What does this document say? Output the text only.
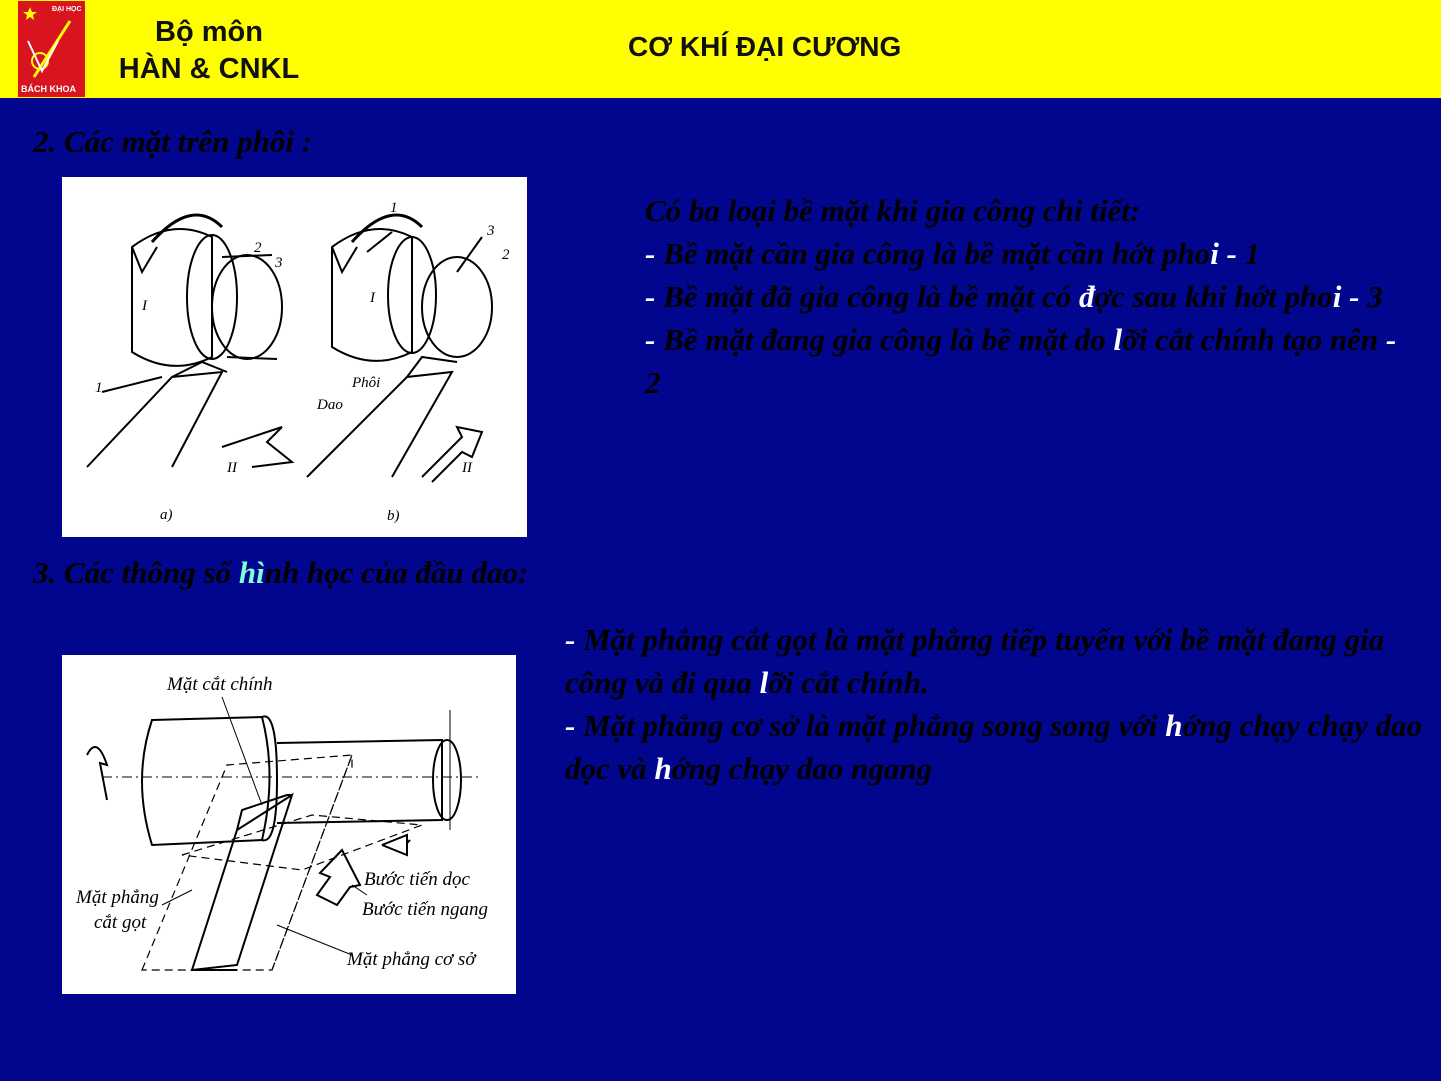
ĐẠI HỌC
BÁCH KHOA
Bộ môn
HÀN & CNKL
CƠ KHÍ ĐẠI CƯƠNG
2. Các mặt trên phôi :
2
3
I
1
II
a)
1
3
2
I
Phôi
Dao
II
b)
Có ba loại bề mặt khi gia công chi tiết:
- Bề mặt cần gia công là bề mặt cần hớt phoi - 1
- Bề mặt đã gia công là bề mặt có đợc sau khi hớt phoi - 3
- Bề mặt đang gia công là bề mặt do lỡi cắt chính tạo nên - 2
3. Các thông số hình học của đầu dao:
Mặt cắt chính
Mặt phẳng
cắt gọt
Bước tiến dọc
Bước tiến ngang
Mặt phẳng cơ sở
- Mặt phẳng cắt gọt là mặt phẳng tiếp tuyến với bề mặt đang gia công và đi qua lỡi cắt chính.
- Mặt phẳng cơ sở là mặt phẳng song song với hớng chạy chạy dao dọc và hớng chạy dao ngang
